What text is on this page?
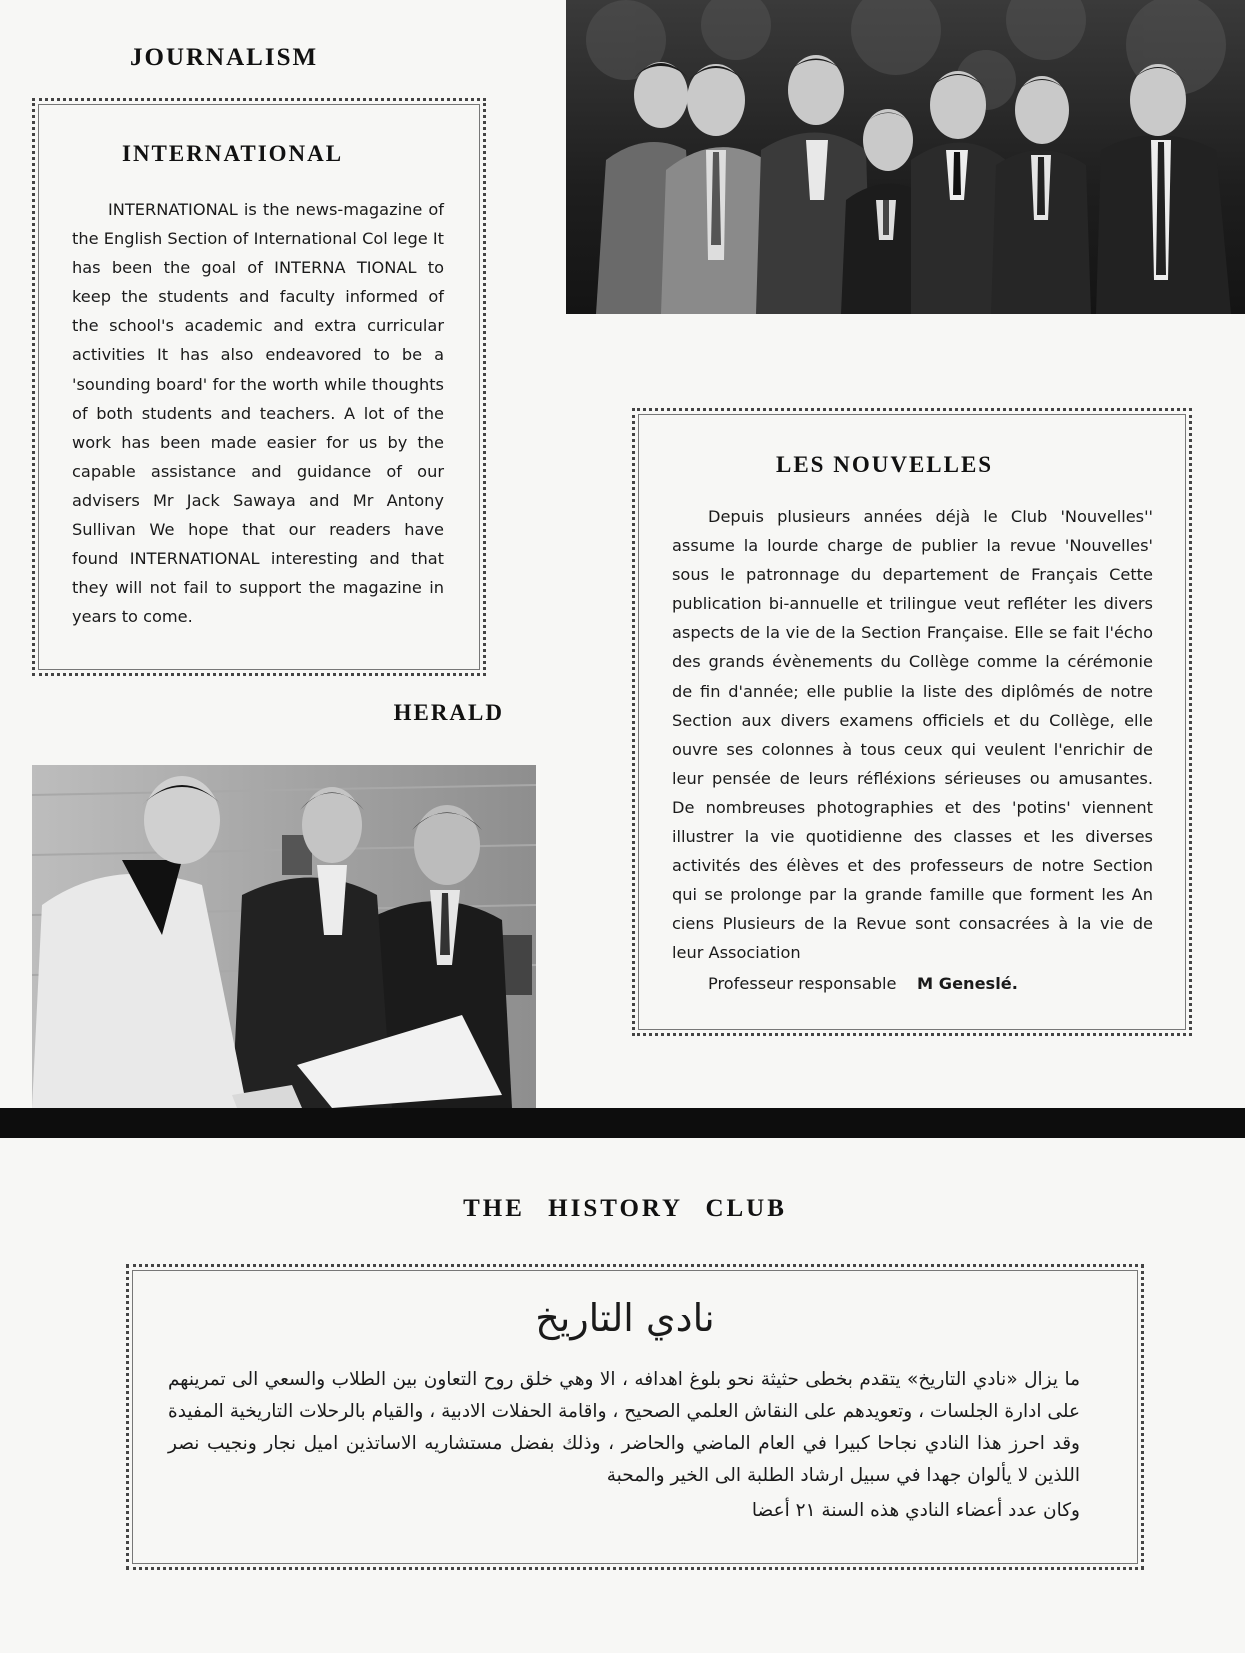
JOURNALISM
INTERNATIONAL

INTERNATIONAL is the news-magazine of the English Section of International Col lege It has been the goal of INTERNA TIONAL to keep the students and faculty informed of the school's academic and extra curricular activities It has also endeavored to be a 'sounding board' for the worth while thoughts of both students and teachers. A lot of the work has been made easier for us by the capable assistance and guidance of our advisers Mr Jack Sawaya and Mr Antony Sullivan We hope that our readers have found INTERNATIONAL interesting and that they will not fail to support the magazine in years to come.

LES NOUVELLES

Depuis plusieurs années déjà le Club 'Nouvelles'' assume la lourde charge de publier la revue 'Nouvelles' sous le patronnage du departement de Français Cette publication bi-annuelle et trilingue veut refléter les divers aspects de la vie de la Section Française. Elle se fait l'écho des grands évènements du Collège comme la cérémonie de fin d'année; elle publie la liste des diplômés de notre Section aux divers examens officiels et du Collège, elle ouvre ses colonnes à tous ceux qui veulent l'enrichir de leur pensée de leurs réfléxions sérieuses ou amusantes. De nombreuses photographies et des 'potins' viennent illustrer la vie quotidienne des classes et les diverses activités des élèves et des professeurs de notre Section qui se prolonge par la grande famille que forment les An ciens Plusieurs de la Revue sont consacrées à la vie de leur Association

Professeur responsable M Geneslé.

HERALD
THE HISTORY CLUB
نادي التاريخ
ما يزال «نادي التاريخ» يتقدم بخطى حثيثة نحو بلوغ اهدافه ، الا وهي خلق روح التعاون بين الطلاب والسعي الى تمرينهم على ادارة الجلسات ، وتعويدهم على النقاش العلمي الصحيح ، واقامة الحفلات الادبية ، والقيام بالرحلات التاريخية المفيدة وقد احرز هذا النادي نجاحا كبيرا في العام الماضي والحاضر ، وذلك بفضل مستشاريه الاساتذين اميل نجار ونجيب نصر اللذين لا يألوان جهدا في سبيل ارشاد الطلبة الى الخير والمحبة
وكان عدد أعضاء النادي هذه السنة ٢١ أعضا
